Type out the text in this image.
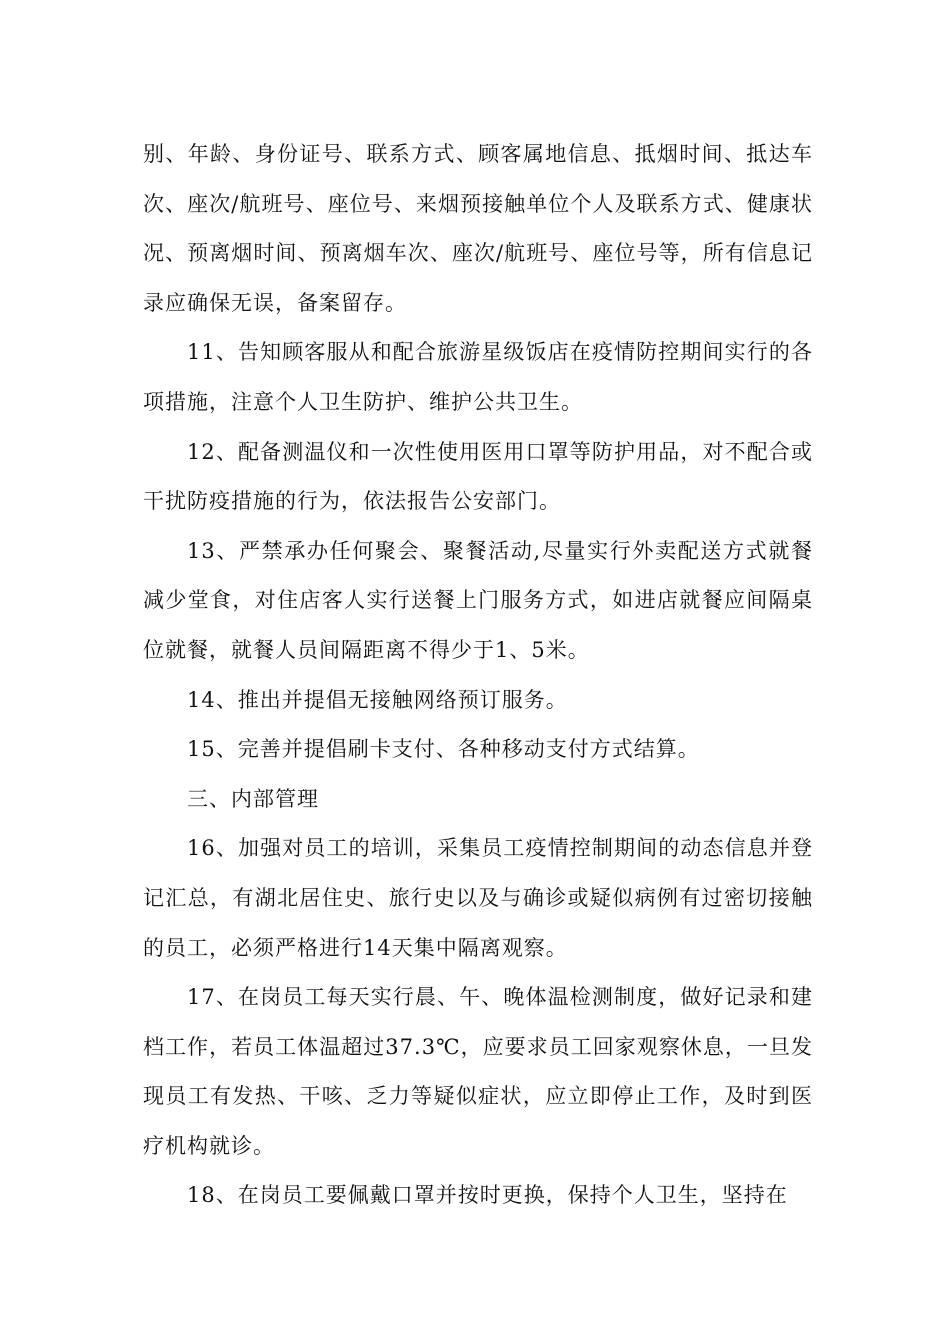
别、年龄、身份证号、联系方式、顾客属地信息、抵烟时间、抵达车次、座次/航班号、座位号、来烟预接触单位个人及联系方式、健康状况、预离烟时间、预离烟车次、座次/航班号、座位号等，所有信息记录应确保无误，备案留存。

11、告知顾客服从和配合旅游星级饭店在疫情防控期间实行的各项措施，注意个人卫生防护、维护公共卫生。

12、配备测温仪和一次性使用医用口罩等防护用品，对不配合或干扰防疫措施的行为，依法报告公安部门。

13、严禁承办任何聚会、聚餐活动,尽量实行外卖配送方式就餐减少堂食，对住店客人实行送餐上门服务方式，如进店就餐应间隔桌位就餐，就餐人员间隔距离不得少于1、5米。

14、推出并提倡无接触网络预订服务。

15、完善并提倡刷卡支付、各种移动支付方式结算。

三、内部管理

16、加强对员工的培训，采集员工疫情控制期间的动态信息并登记汇总，有湖北居住史、旅行史以及与确诊或疑似病例有过密切接触的员工，必须严格进行14天集中隔离观察。

17、在岗员工每天实行晨、午、晚体温检测制度，做好记录和建档工作，若员工体温超过37.3℃，应要求员工回家观察休息，一旦发现员工有发热、干咳、乏力等疑似症状，应立即停止工作，及时到医疗机构就诊。

18、在岗员工要佩戴口罩并按时更换，保持个人卫生，坚持在
